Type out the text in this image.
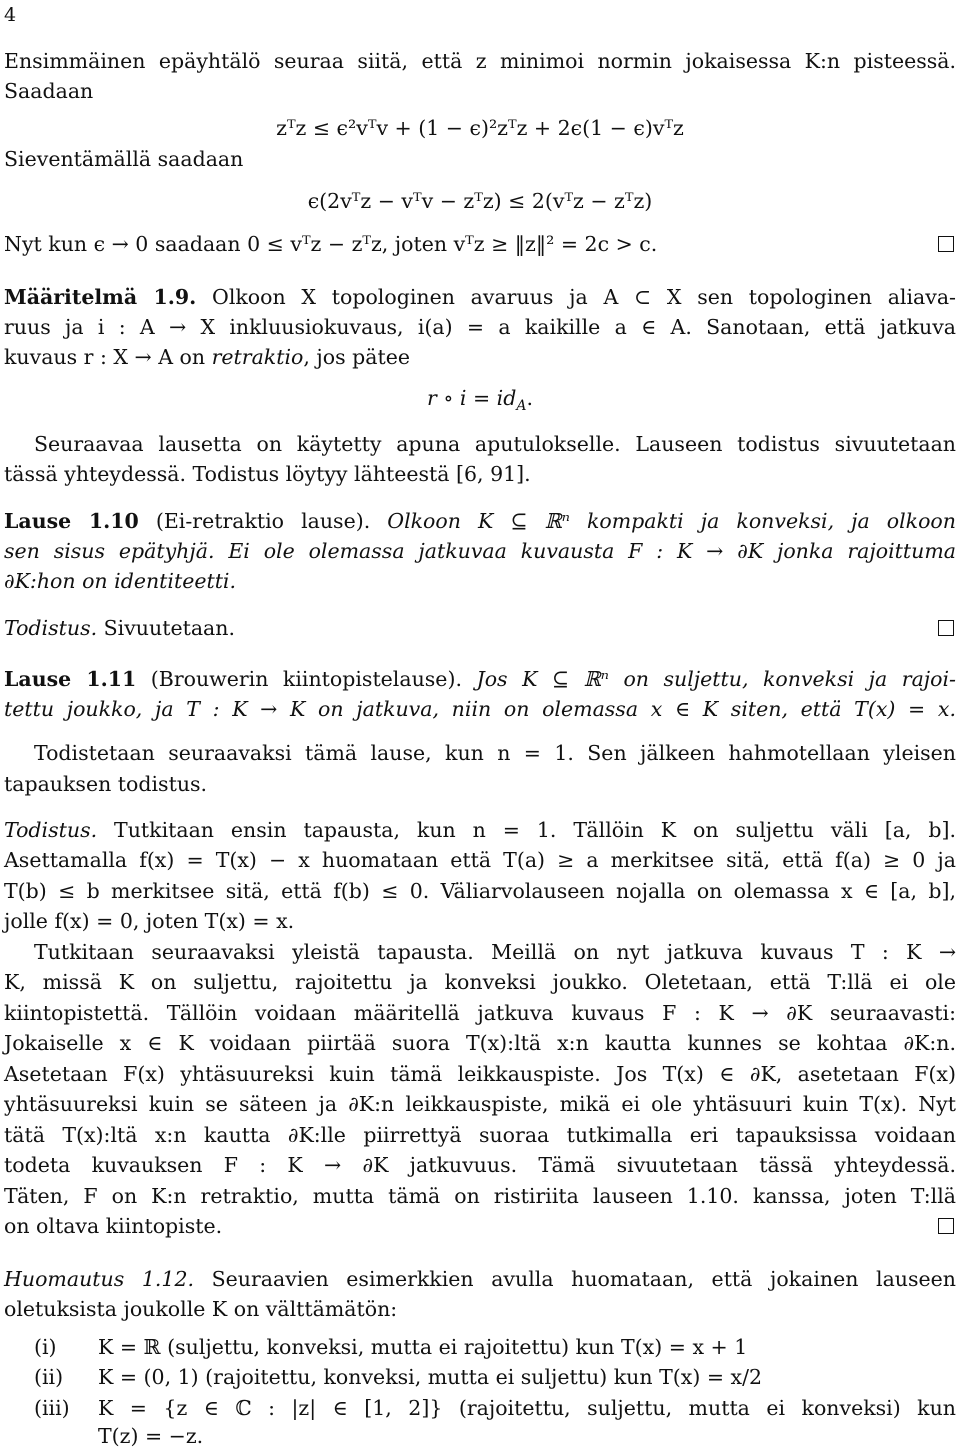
4
Ensimmäinen epäyhtälö seuraa siitä, että z minimoi normin jokaisessa K:n pisteessä.
Saadaan
zᵀz ≤ ϵ²vᵀv + (1 − ϵ)²zᵀz + 2ϵ(1 − ϵ)vᵀz
Sieventämällä saadaan
ϵ(2vᵀz − vᵀv − zᵀz) ≤ 2(vᵀz − zᵀz)
Nyt kun ϵ → 0 saadaan 0 ≤ vᵀz − zᵀz, joten vᵀz ≥ ‖z‖² = 2c > c.
Määritelmä 1.9. Olkoon X topologinen avaruus ja A ⊂ X sen topologinen aliava-
ruus ja i : A → X inkluusiokuvaus, i(a) = a kaikille a ∈ A. Sanotaan, että jatkuva
kuvaus r : X → A on retraktio, jos pätee
r ∘ $i = id_A$.
Seuraavaa lausetta on käytetty apuna aputulokselle. Lauseen todistus sivuutetaan
tässä yhteydessä. Todistus löytyy lähteestä [6, 91].
Lause 1.10 (Ei-retraktio lause). Olkoon K ⊆ ℝⁿ kompakti ja konveksi, ja olkoon
sen sisus epätyhjä. Ei ole olemassa jatkuvaa kuvausta F : K → ∂K jonka rajoittuma
∂K:hon on identiteetti.
Todistus. Sivuutetaan.
Lause 1.11 (Brouwerin kiintopistelause). Jos K ⊆ ℝⁿ on suljettu, konveksi ja rajoi-
tettu joukko, ja T : K → K on jatkuva, niin on olemassa x ∈ K siten, että T(x) = x.
Todistetaan seuraavaksi tämä lause, kun n = 1. Sen jälkeen hahmotellaan yleisen
tapauksen todistus.
Todistus. Tutkitaan ensin tapausta, kun n = 1. Tällöin K on suljettu väli [a, b].
Asettamalla f(x) = T(x) − x huomataan että T(a) ≥ a merkitsee sitä, että f(a) ≥ 0 ja
T(b) ≤ b merkitsee sitä, että f(b) ≤ 0. Väliarvolauseen nojalla on olemassa x ∈ [a, b],
jolle f(x) = 0, joten T(x) = x.
Tutkitaan seuraavaksi yleistä tapausta. Meillä on nyt jatkuva kuvaus T : K →
K, missä K on suljettu, rajoitettu ja konveksi joukko. Oletetaan, että T:llä ei ole
kiintopistettä. Tällöin voidaan määritellä jatkuva kuvaus F : K → ∂K seuraavasti:
Jokaiselle x ∈ K voidaan piirtää suora T(x):ltä x:n kautta kunnes se kohtaa ∂K:n.
Asetetaan F(x) yhtäsuureksi kuin tämä leikkauspiste. Jos T(x) ∈ ∂K, asetetaan F(x)
yhtäsuureksi kuin se säteen ja ∂K:n leikkauspiste, mikä ei ole yhtäsuuri kuin T(x). Nyt
tätä T(x):ltä x:n kautta ∂K:lle piirrettyä suoraa tutkimalla eri tapauksissa voidaan
todeta kuvauksen F : K → ∂K jatkuvuus. Tämä sivuutetaan tässä yhteydessä.
Täten, F on K:n retraktio, mutta tämä on ristiriita lauseen 1.10. kanssa, joten T:llä
on oltava kiintopiste.
Huomautus 1.12. Seuraavien esimerkkien avulla huomataan, että jokainen lauseen
oletuksista joukolle K on välttämätön:
(i)	K = ℝ (suljettu, konveksi, mutta ei rajoitettu) kun T(x) = x + 1
(ii)	K = (0, 1) (rajoitettu, konveksi, mutta ei suljettu) kun T(x) = x/2
(iii)	K = {z ∈ ℂ : |z| ∈ [1, 2]} (rajoitettu, suljettu, mutta ei konveksi) kun
T(z) = −z.
